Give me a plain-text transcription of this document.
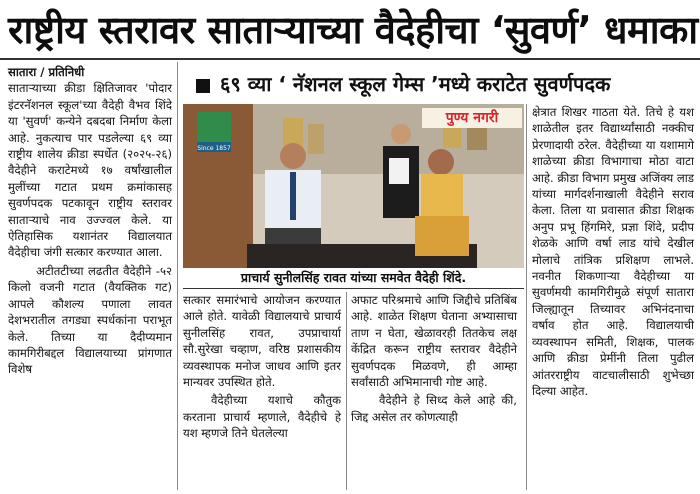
राष्ट्रीय स्तरावर साताऱ्याच्या वैदेहीचा ‘सुवर्ण’ धमाका

सातारा / प्रतिनिधी
साताऱ्याच्या क्रीडा क्षितिजावर 'पोदार इंटरनॅशनल स्कूल'च्या वैदेही वैभव शिंदे या 'सुवर्ण' कन्येने दबदबा निर्माण केला आहे. नुकत्याच पार पडलेल्या ६९ व्या राष्ट्रीय शालेय क्रीडा स्पर्धेत (२०२५-२६) वैदेहीने कराटेमध्ये १७ वर्षांखालील मुलींच्या गटात प्रथम क्रमांकासह सुवर्णपदक पटकावून राष्ट्रीय स्तरावर साताऱ्याचे नाव उज्ज्वल केले. या ऐतिहासिक यशानंतर विद्यालयात वैदेहीचा जंगी सत्कार करण्यात आला.

अटीतटीच्या लढतीत वैदेहीने -५२ किलो वजनी गटात (वैयक्तिक गट) आपले कौशल्य पणाला लावत देशभरातील तगड्या स्पर्धकांना पराभूत केले. तिच्या या दैदीप्यमान कामगिरीबद्दल विद्यालयाच्या प्रांगणात विशेष

६९ व्या ‘ नॅशनल स्कूल गेम्स ’मध्ये कराटेत सुवर्णपदक
Since 1857
पुण्य नगरी
प्राचार्य सुनीलसिंह रावत यांच्या समवेत वैदेही शिंदे.

सत्कार समारंभाचे आयोजन करण्यात आले होते. यावेळी विद्यालयाचे प्राचार्य सुनीलसिंह रावत, उपप्राचार्या सौ.सुरेखा चव्हाण, वरिष्ठ प्रशासकीय व्यवस्थापक मनोज जाधव आणि इतर मान्यवर उपस्थित होते.

वैदेहीच्या यशाचे कौतुक करताना प्राचार्य म्हणाले, वैदेहीचे हे यश म्हणजे तिने घेतलेल्या

अफाट परिश्रमाचे आणि जिद्दीचे प्रतिबिंब आहे. शाळेत शिक्षण घेताना अभ्यासाचा ताण न घेता, खेळावरही तितकेच लक्ष केंद्रित करून राष्ट्रीय स्तरावर वैदेहीने सुवर्णपदक मिळवणे, ही आम्हा सर्वांसाठी अभिमानाची गोष्ट आहे.

वैदेहीने हे सिध्द केले आहे की, जिद्द असेल तर कोणत्याही

क्षेत्रात शिखर गाठता येते. तिचे हे यश शाळेतील इतर विद्यार्थ्यांसाठी नक्कीच प्रेरणादायी ठरेल. वैदेहीच्या या यशामागे शाळेच्या क्रीडा विभागाचा मोठा वाटा आहे. क्रीडा विभाग प्रमुख अजिंक्य लाड यांच्या मार्गदर्शनाखाली वैदेहीने सराव केला. तिला या प्रवासात क्रीडा शिक्षक अनुप प्रभू हिंगमिरे, प्रज्ञा शिंदे, प्रदीप शेळके आणि वर्षा लाड यांचे देखील मोलाचे तांत्रिक प्रशिक्षण लाभले. नवनीत शिकणाऱ्या वैदेहीच्या या सुवर्णमयी कामगिरीमुळे संपूर्ण सातारा जिल्ह्यातून तिच्यावर अभिनंदनाचा वर्षाव होत आहे. विद्यालयाची व्यवस्थापन समिती, शिक्षक, पालक आणि क्रीडा प्रेमींनी तिला पुढील आंतरराष्ट्रीय वाटचालीसाठी शुभेच्छा दिल्या आहेत.
